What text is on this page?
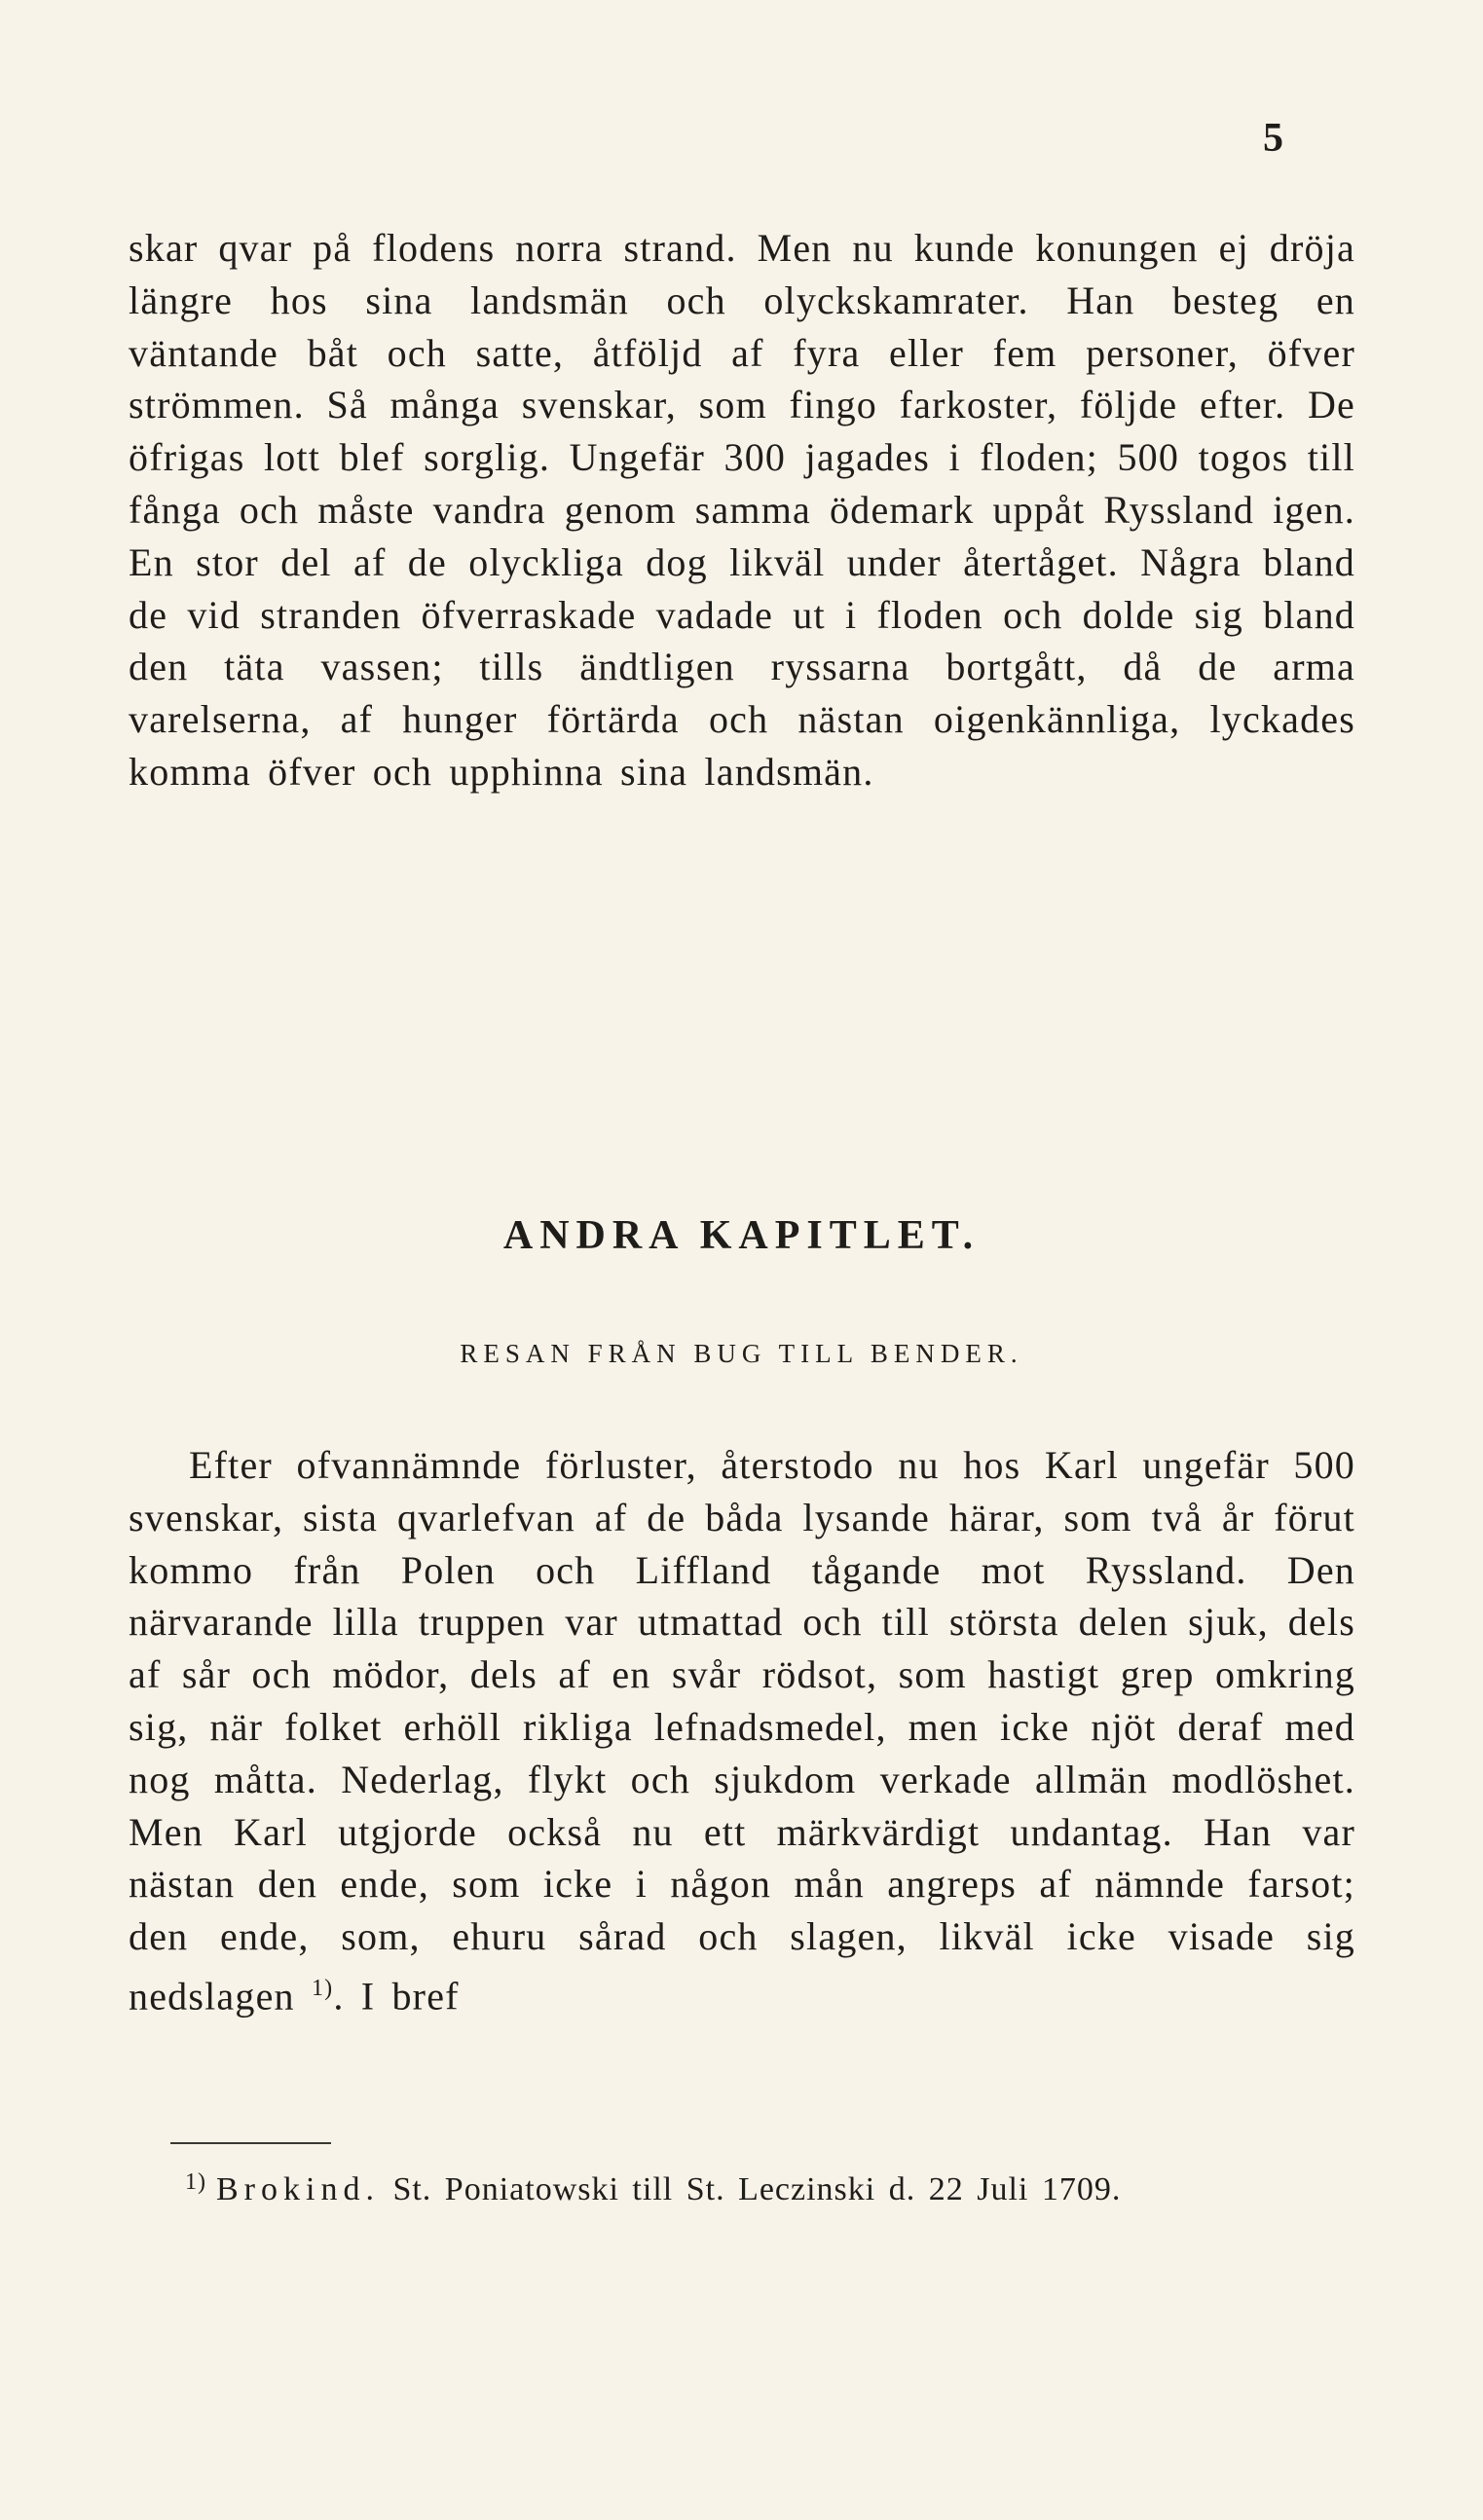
5

skar qvar på flodens norra strand. Men nu kunde konungen ej dröja längre hos sina landsmän och olyckskamrater. Han besteg en väntande båt och satte, åtföljd af fyra eller fem personer, öfver strömmen. Så många svenskar, som fingo farkoster, följde efter. De öfrigas lott blef sorglig. Ungefär 300 jagades i floden; 500 togos till fånga och måste vandra genom samma ödemark uppåt Ryssland igen. En stor del af de olyckliga dog likväl under återtåget. Några bland de vid stranden öfverraskade vadade ut i floden och dolde sig bland den täta vassen; tills ändtligen ryssarna bortgått, då de arma varelserna, af hunger förtärda och nästan oigenkännliga, lyckades komma öfver och upphinna sina landsmän.

ANDRA KAPITLET.
RESAN FRÅN BUG TILL BENDER.

Efter ofvannämnde förluster, återstodo nu hos Karl ungefär 500 svenskar, sista qvarlefvan af de båda lysande härar, som två år förut kommo från Polen och Liffland tågande mot Ryssland. Den närvarande lilla truppen var utmattad och till största delen sjuk, dels af sår och mödor, dels af en svår rödsot, som hastigt grep omkring sig, när folket erhöll rikliga lefnadsmedel, men icke njöt deraf med nog måtta. Nederlag, flykt och sjukdom verkade allmän modlöshet. Men Karl utgjorde också nu ett märkvärdigt undantag. Han var nästan den ende, som icke i någon mån angreps af nämnde farsot; den ende, som, ehuru sårad och slagen, likväl icke visade sig nedslagen $^{1)}$. I bref

1) Brokind. St. Poniatowski till St. Leczinski d. 22 Juli 1709.
